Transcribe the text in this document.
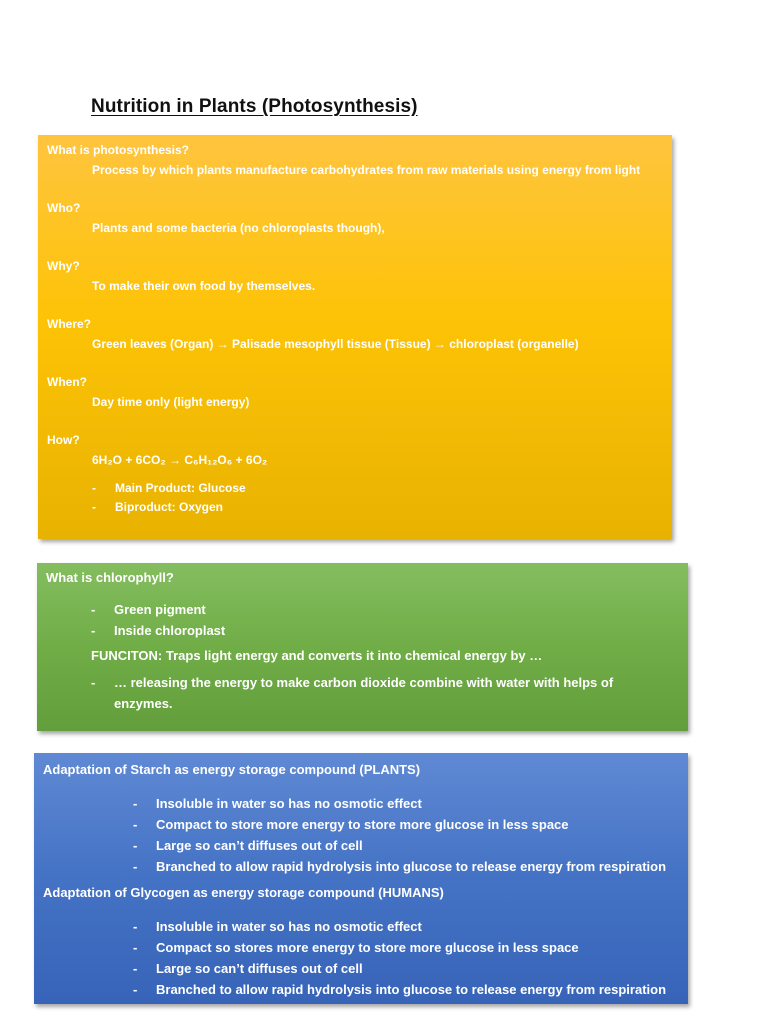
Nutrition in Plants (Photosynthesis)
What is photosynthesis?
Process by which plants manufacture carbohydrates from raw materials using energy from light
Who?
Plants and some bacteria (no chloroplasts though),
Why?
To make their own food by themselves.
Where?
Green leaves (Organ) → Palisade mesophyll tissue (Tissue) → chloroplast (organelle)
When?
Day time only (light energy)
How?
6H₂O + 6CO₂ → C₆H₁₂O₆ + 6O₂
- Main Product: Glucose
- Biproduct: Oxygen
What is chlorophyll?
- Green pigment
- Inside chloroplast
FUNCITON: Traps light energy and converts it into chemical energy by …
- … releasing the energy to make carbon dioxide combine with water with helps of enzymes.
Adaptation of Starch as energy storage compound (PLANTS)
- Insoluble in water so has no osmotic effect
- Compact to store more energy to store more glucose in less space
- Large so can’t diffuses out of cell
- Branched to allow rapid hydrolysis into glucose to release energy from respiration
Adaptation of Glycogen as energy storage compound (HUMANS)
- Insoluble in water so has no osmotic effect
- Compact so stores more energy to store more glucose in less space
- Large so can’t diffuses out of cell
- Branched to allow rapid hydrolysis into glucose to release energy from respiration
